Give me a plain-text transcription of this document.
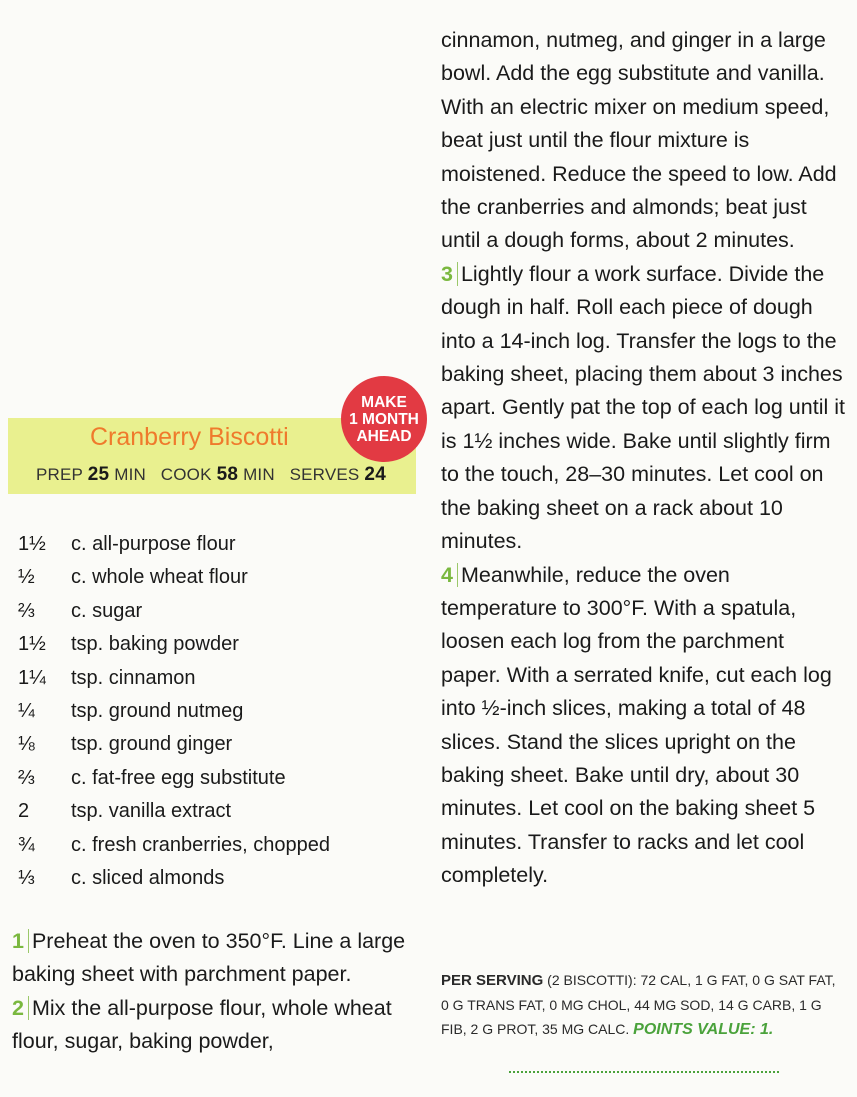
cinnamon, nutmeg, and ginger in a large bowl. Add the egg substitute and vanilla. With an electric mixer on medium speed, beat just until the flour mixture is moistened. Reduce the speed to low. Add the cranberries and almonds; beat just until a dough forms, about 2 minutes.

3 Lightly flour a work surface. Divide the dough in half. Roll each piece of dough into a 14-inch log. Transfer the logs to the baking sheet, placing them about 3 inches apart. Gently pat the top of each log until it is 1½ inches wide. Bake until slightly firm to the touch, 28–30 minutes. Let cool on the baking sheet on a rack about 10 minutes.

4 Meanwhile, reduce the oven temperature to 300°F. With a spatula, loosen each log from the parchment paper. With a serrated knife, cut each log into ½-inch slices, making a total of 48 slices. Stand the slices upright on the baking sheet. Bake until dry, about 30 minutes. Let cool on the baking sheet 5 minutes. Transfer to racks and let cool completely.

Cranberry Biscotti
PREP 25 MIN COOK 58 MIN SERVES 24
MAKE
1 MONTH
AHEAD
1½	c. all-purpose flour
½	c. whole wheat flour
⅔	c. sugar
1½	tsp. baking powder
1¼	tsp. cinnamon
¼	tsp. ground nutmeg
⅛	tsp. ground ginger
⅔	c. fat-free egg substitute
2	tsp. vanilla extract
¾	c. fresh cranberries, chopped
⅓	c. sliced almonds

1 Preheat the oven to 350°F. Line a large baking sheet with parchment paper.

2 Mix the all-purpose flour, whole wheat flour, sugar, baking powder,

PER SERVING (2 BISCOTTI): 72 CAL, 1 G FAT, 0 G SAT FAT, 0 G TRANS FAT, 0 MG CHOL, 44 MG SOD, 14 G CARB, 1 G FIB, 2 G PROT, 35 MG CALC. POINTS VALUE: 1.
